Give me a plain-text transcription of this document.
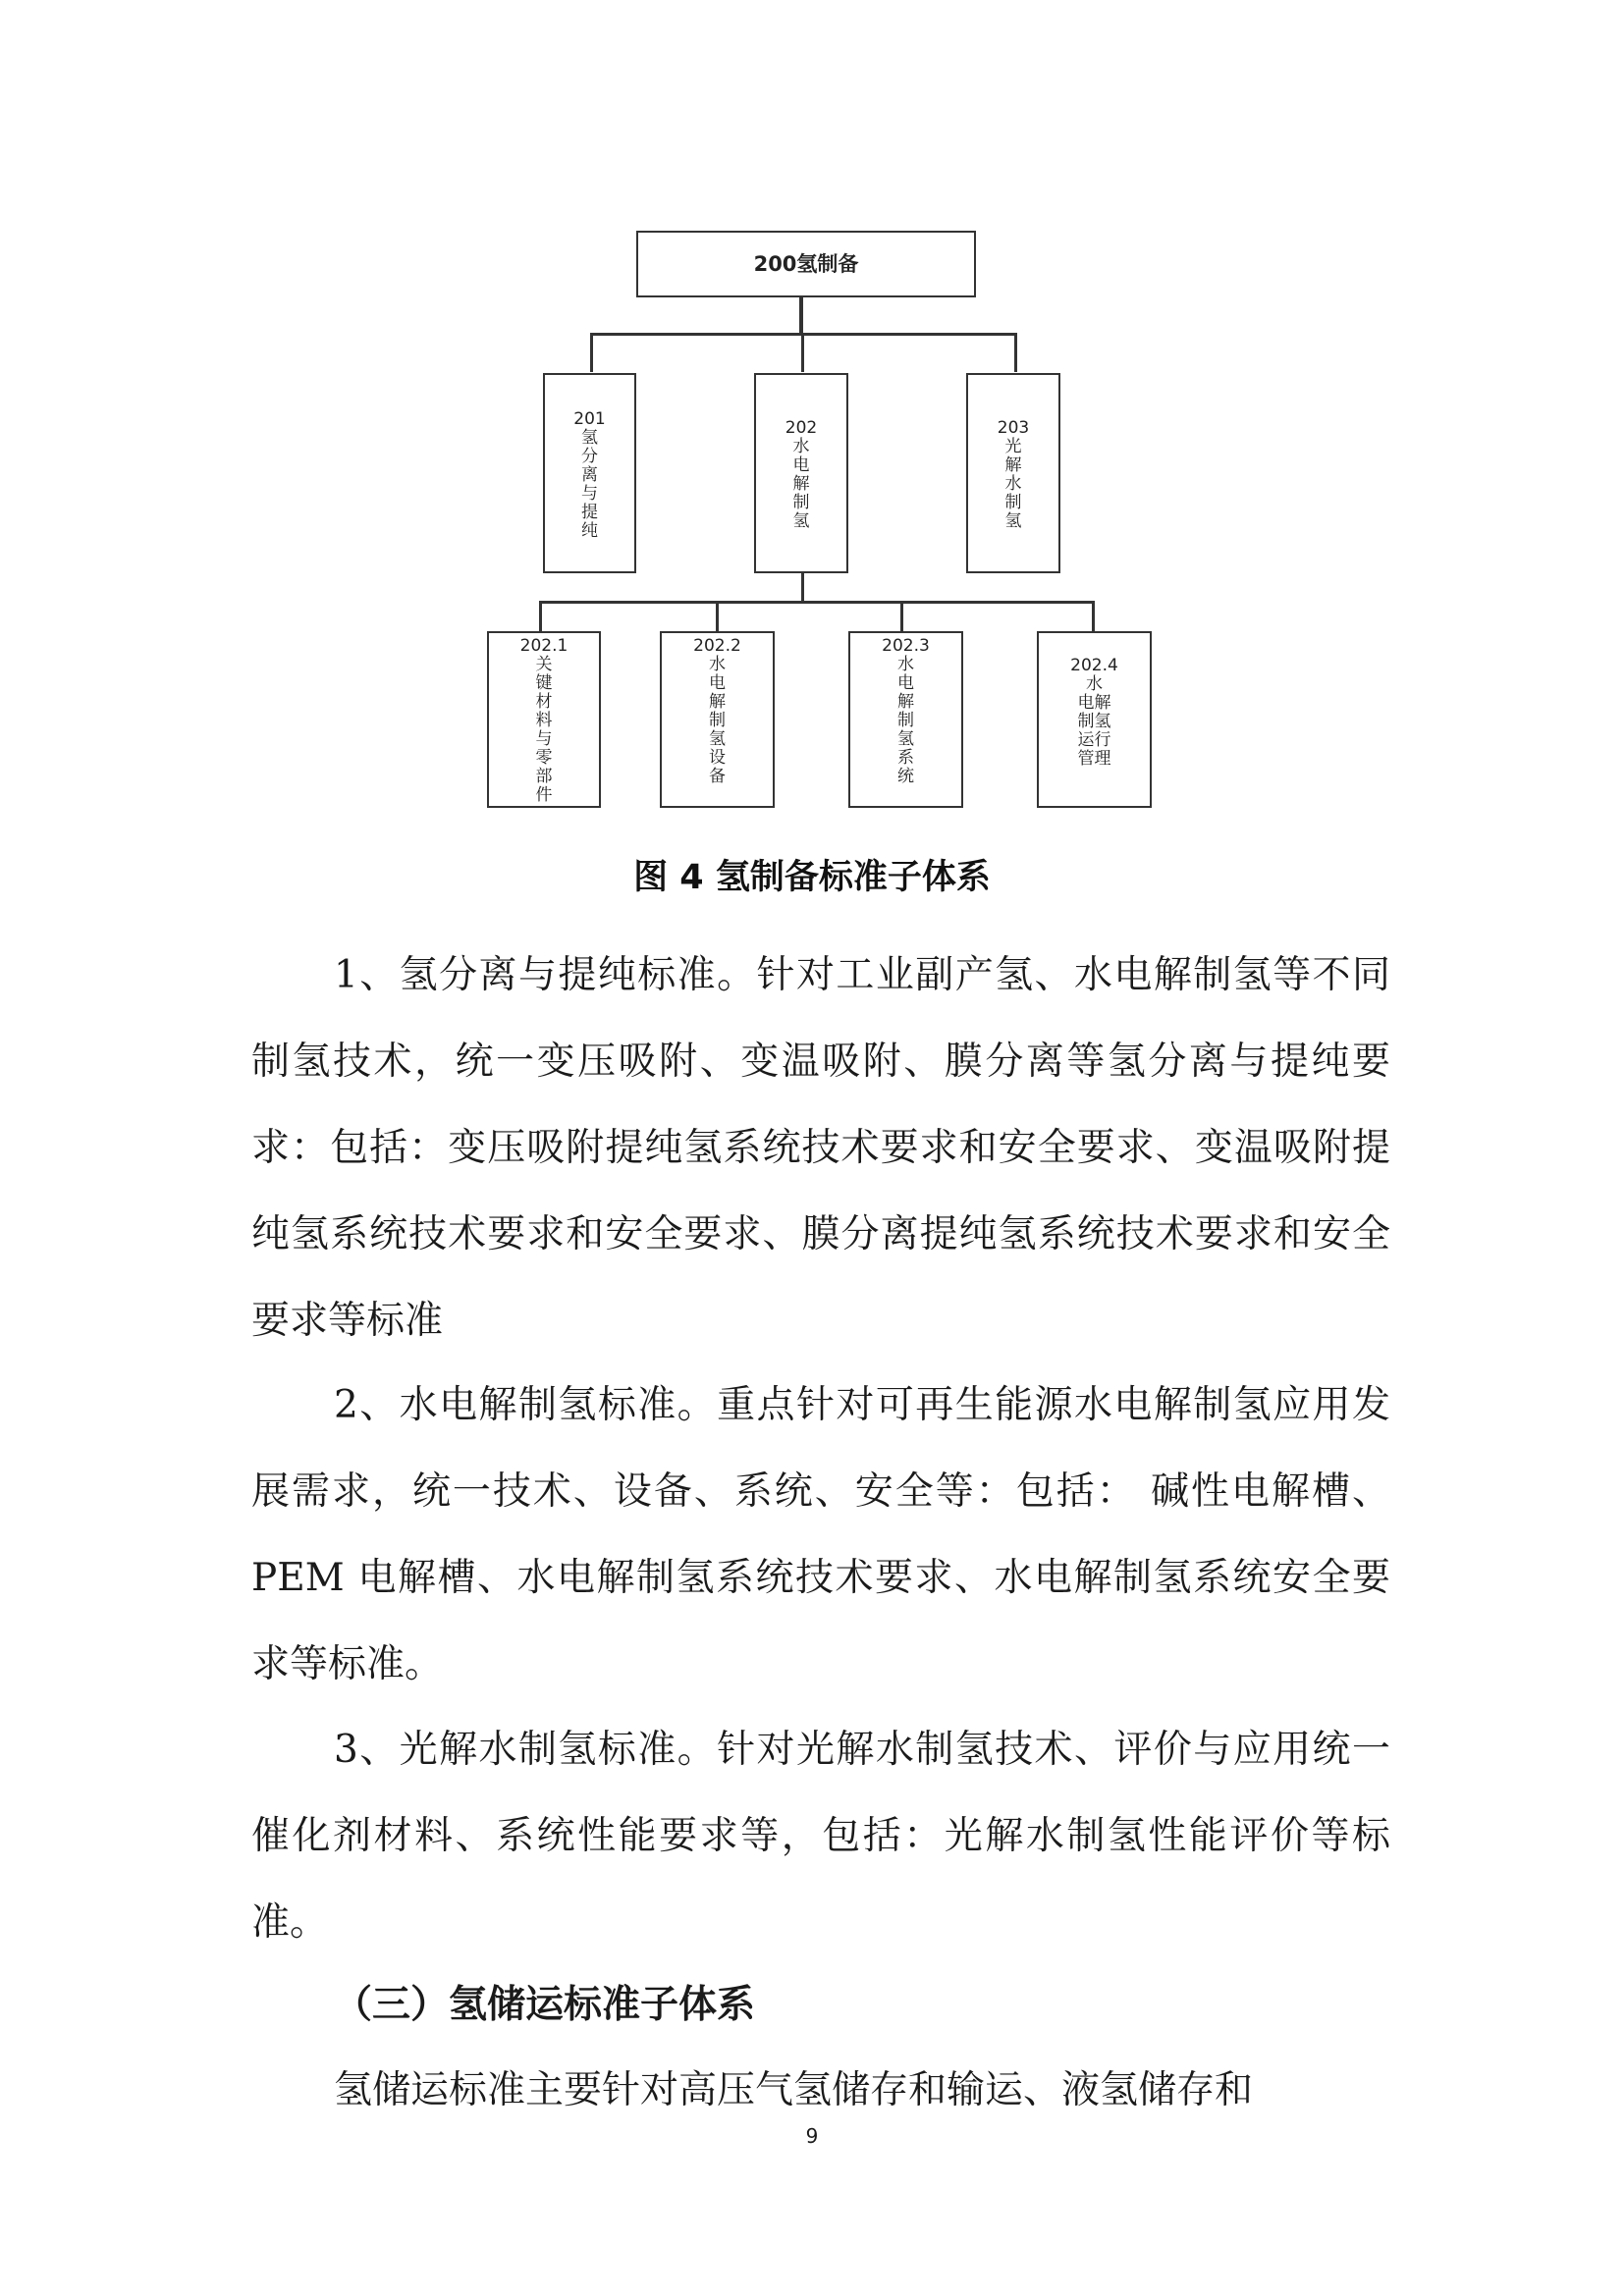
200氢制备
201
氢
分
离
与
提
纯
202
水
电
解
制
氢
203
光
解
水
制
氢
202.1
关
键
材
料
与
零
部
件
202.2
水
电
解
制
氢
设
备
202.3
水
电
解
制
氢
系
统
202.4
水
电解
制氢
运行
管理
图 4 氢制备标准子体系

1、氢分离与提纯标准。针对工业副产氢、水电解制氢等不同制氢技术，统一变压吸附、变温吸附、膜分离等氢分离与提纯要求：包括：变压吸附提纯氢系统技术要求和安全要求、变温吸附提纯氢系统技术要求和安全要求、膜分离提纯氢系统技术要求和安全要求等标准

2、水电解制氢标准。重点针对可再生能源水电解制氢应用发展需求，统一技术、设备、系统、安全等：包括： 碱性电解槽、PEM 电解槽、水电解制氢系统技术要求、水电解制氢系统安全要求等标准。

3、光解水制氢标准。针对光解水制氢技术、评价与应用统一催化剂材料、系统性能要求等，包括：光解水制氢性能评价等标准。

（三）氢储运标准子体系

氢储运标准主要针对高压气氢储存和输运、液氢储存和

9
